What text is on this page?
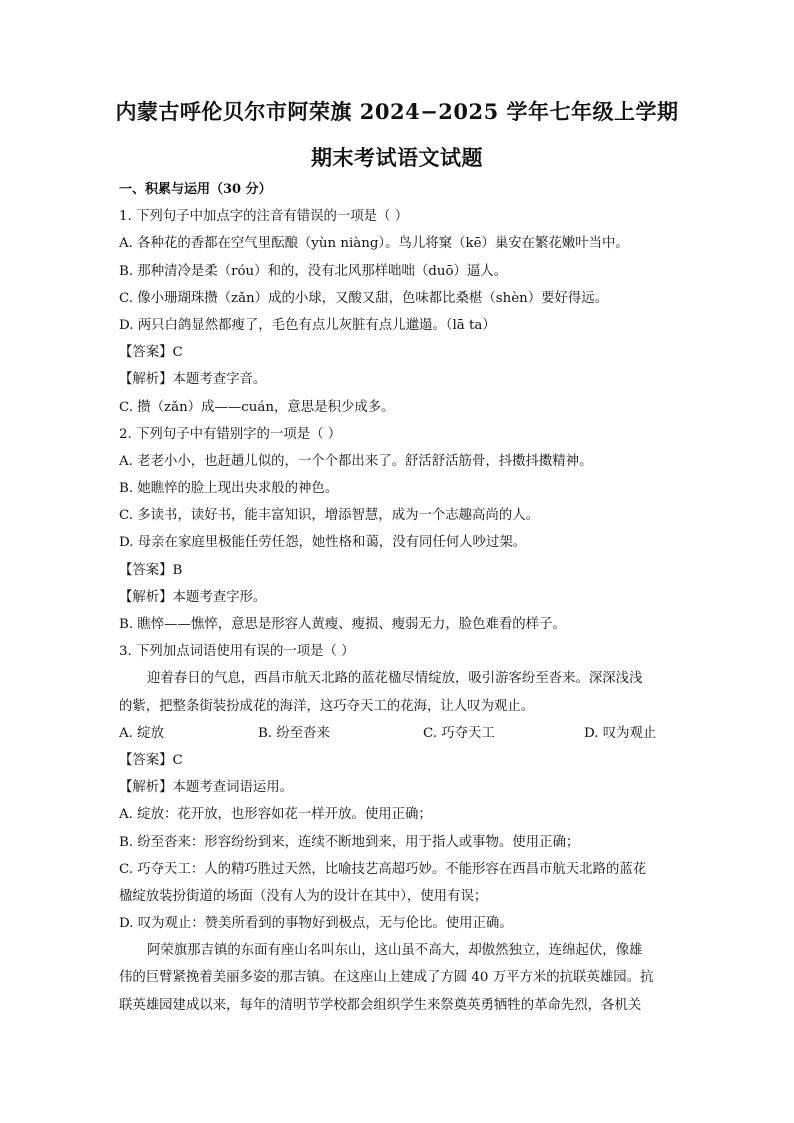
内蒙古呼伦贝尔市阿荣旗 2024−2025 学年七年级上学期
期末考试语文试题
一、积累与运用（30 分）
1. 下列句子中加点字的注音有错误的一项是（ ）
A. 各种花的香都在空气里酝酿（yùn niàng）。鸟儿将窠（kē）巢安在繁花嫩叶当中。
B. 那种清冷是柔（róu）和的，没有北风那样咄咄（duō）逼人。
C. 像小珊瑚珠攒（zǎn）成的小球，又酸又甜，色味都比桑椹（shèn）要好得远。
D. 两只白鸽显然都瘦了，毛色有点儿灰脏有点儿邋遢。（lā ta）
【答案】C
【解析】本题考查字音。
C. 攒（zǎn）成——cuán，意思是积少成多。
2. 下列句子中有错别字的一项是（ ）
A. 老老小小，也赶趟儿似的，一个个都出来了。舒活舒活筋骨，抖擞抖擞精神。
B. 她瞧悴的脸上现出央求般的神色。
C. 多读书，读好书，能丰富知识，增添智慧，成为一个志趣高尚的人。
D. 母亲在家庭里极能任劳任怨，她性格和蔼，没有同任何人吵过架。
【答案】B
【解析】本题考查字形。
B. 瞧悴——憔悴，意思是形容人黄瘦、瘦损、瘦弱无力，脸色难看的样子。
3. 下列加点词语使用有误的一项是（ ）
迎着春日的气息，西昌市航天北路的蓝花楹尽情绽放，吸引游客纷至沓来。深深浅浅
的紫，把整条街装扮成花的海洋，这巧夺天工的花海，让人叹为观止。
A. 绽放	B. 纷至沓来	C. 巧夺天工	D. 叹为观止
【答案】C
【解析】本题考查词语运用。
A. 绽放：花开放，也形容如花一样开放。使用正确；
B. 纷至沓来：形容纷纷到来，连续不断地到来，用于指人或事物。使用正确；
C. 巧夺天工：人的精巧胜过天然，比喻技艺高超巧妙。不能形容在西昌市航天北路的蓝花
楹绽放装扮街道的场面（没有人为的设计在其中），使用有误；
D. 叹为观止：赞美所看到的事物好到极点，无与伦比。使用正确。
阿荣旗那吉镇的东面有座山名叫东山，这山虽不高大，却傲然独立，连绵起伏，像雄
伟的巨臂紧挽着美丽多姿的那吉镇。在这座山上建成了方圆 40 万平方米的抗联英雄园。抗
联英雄园建成以来，每年的清明节学校都会组织学生来祭奠英勇牺牲的革命先烈，各机关
